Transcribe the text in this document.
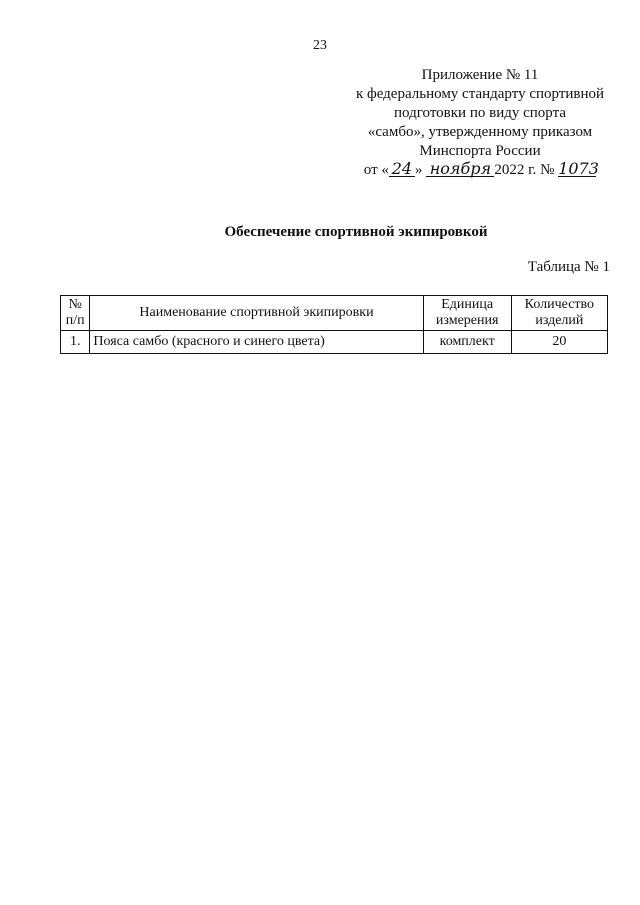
23
Приложение № 11
к федеральному стандарту спортивной
подготовки по виду спорта
«самбо», утвержденному приказом
Минспорта России
от « 24 » ноября 2022 г. № 1073
Обеспечение спортивной экипировкой
Таблица № 1
№ п/п	Наименование спортивной экипировки	Единица измерения	Количество изделий
1.	Пояса самбо (красного и синего цвета)	комплект	20
